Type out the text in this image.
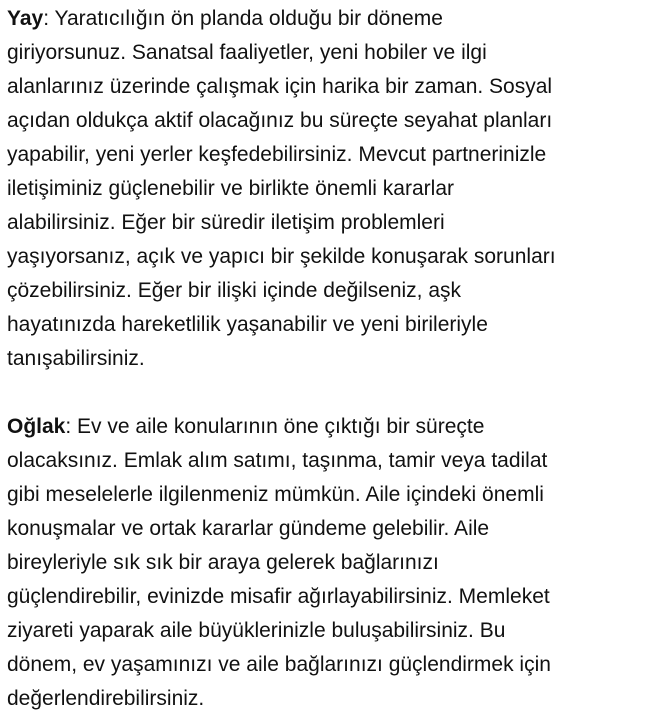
Yay: Yaratıcılığın ön planda olduğu bir döneme
giriyorsunuz. Sanatsal faaliyetler, yeni hobiler ve ilgi
alanlarınız üzerinde çalışmak için harika bir zaman. Sosyal
açıdan oldukça aktif olacağınız bu süreçte seyahat planları
yapabilir, yeni yerler keşfedebilirsiniz. Mevcut partnerinizle
iletişiminiz güçlenebilir ve birlikte önemli kararlar
alabilirsiniz. Eğer bir süredir iletişim problemleri
yaşıyorsanız, açık ve yapıcı bir şekilde konuşarak sorunları
çözebilirsiniz. Eğer bir ilişki içinde değilseniz, aşk
hayatınızda hareketlilik yaşanabilir ve yeni birileriyle
tanışabilirsiniz.

Oğlak: Ev ve aile konularının öne çıktığı bir süreçte
olacaksınız. Emlak alım satımı, taşınma, tamir veya tadilat
gibi meselelerle ilgilenmeniz mümkün. Aile içindeki önemli
konuşmalar ve ortak kararlar gündeme gelebilir. Aile
bireyleriyle sık sık bir araya gelerek bağlarınızı
güçlendirebilir, evinizde misafir ağırlayabilirsiniz. Memleket
ziyareti yaparak aile büyüklerinizle buluşabilirsiniz. Bu
dönem, ev yaşamınızı ve aile bağlarınızı güçlendirmek için
değerlendirebilirsiniz.
